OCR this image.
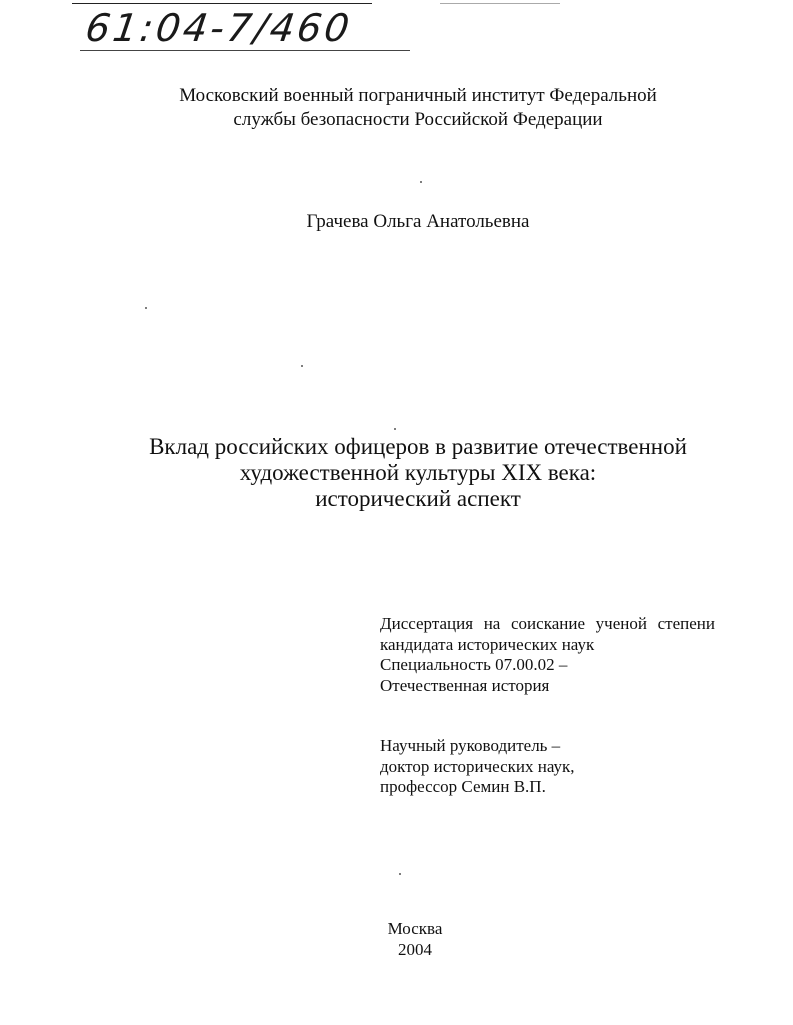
61:04-7/460
Московский военный пограничный институт Федеральной
службы безопасности Российской Федерации
Грачева Ольга Анатольевна
Вклад российских офицеров в развитие отечественной
художественной культуры XIX века:
исторический аспект
Диссертация на соискание ученой степени
кандидата исторических наук
Специальность 07.00.02 –
Отечественная история
Научный руководитель –
доктор исторических наук,
профессор Семин В.П.
Москва
2004
